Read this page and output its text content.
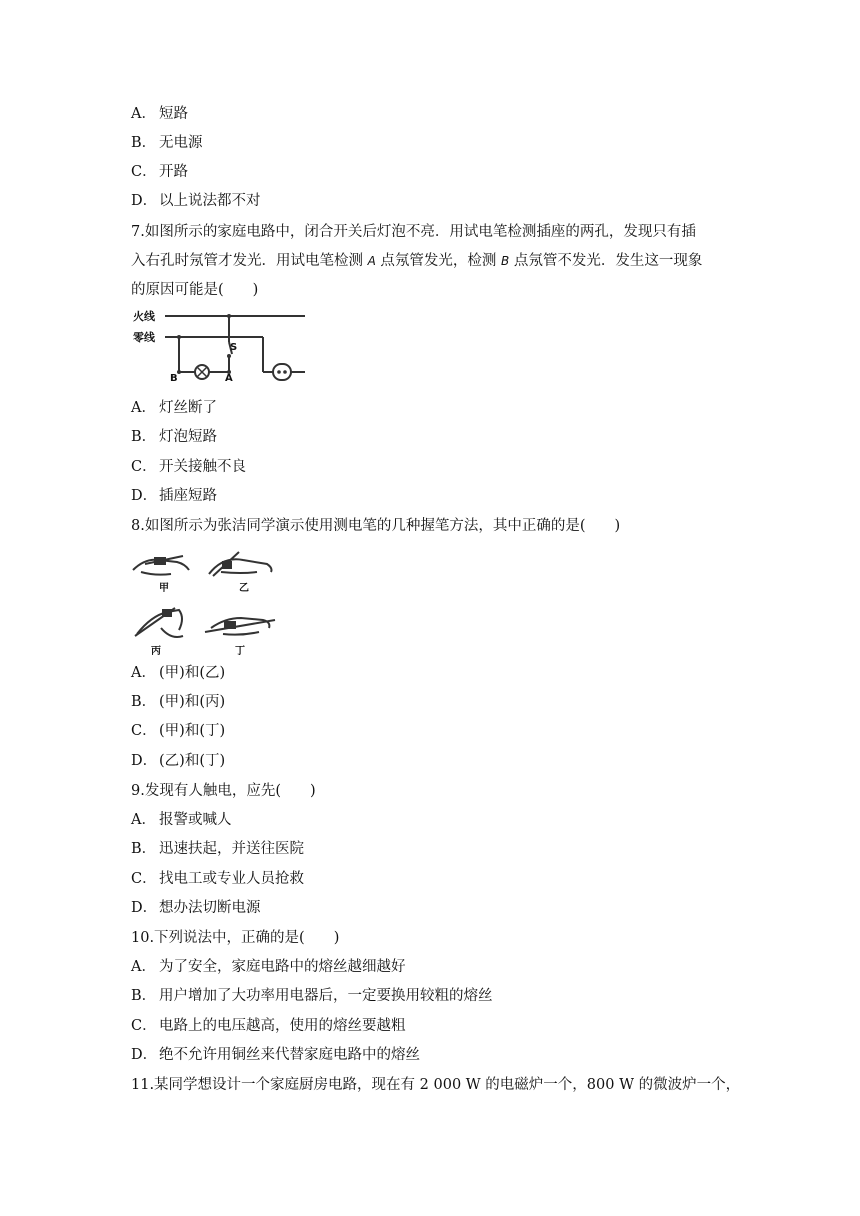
A． 短路
B． 无电源
C． 开路
D． 以上说法都不对
7.如图所示的家庭电路中，闭合开关后灯泡不亮．用试电笔检测插座的两孔，发现只有插
入右孔时氖管才发光．用试电笔检测 A 点氖管发光，检测 B 点氖管不发光．发生这一现象
的原因可能是(　　)
火线
零线
S
B	A
A． 灯丝断了
B． 灯泡短路
C． 开关接触不良
D． 插座短路
8.如图所示为张洁同学演示使用测电笔的几种握笔方法，其中正确的是(　　)
甲	乙
丙	丁
A． (甲)和(乙)
B． (甲)和(丙)
C． (甲)和(丁)
D． (乙)和(丁)
9.发现有人触电，应先(　　)
A． 报警或喊人
B． 迅速扶起，并送往医院
C． 找电工或专业人员抢救
D． 想办法切断电源
10.下列说法中，正确的是(　　)
A． 为了安全，家庭电路中的熔丝越细越好
B． 用户增加了大功率用电器后，一定要换用较粗的熔丝
C． 电路上的电压越高，使用的熔丝要越粗
D． 绝不允许用铜丝来代替家庭电路中的熔丝
11.某同学想设计一个家庭厨房电路，现在有 2 000 W 的电磁炉一个，800 W 的微波炉一个，
